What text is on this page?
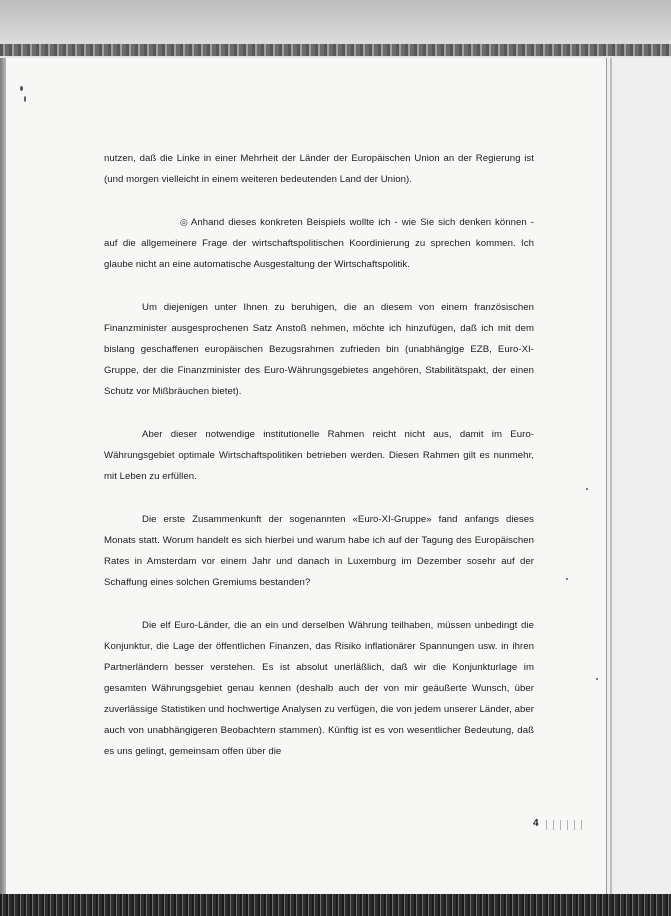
nutzen, daß die Linke in einer Mehrheit der Länder der Europäischen Union an der Regierung ist (und morgen vielleicht in einem weiteren bedeutenden Land der Union).

◎ Anhand dieses konkreten Beispiels wollte ich - wie Sie sich denken können - auf die allgemeinere Frage der wirtschaftspolitischen Koordinierung zu sprechen kommen. Ich glaube nicht an eine automatische Ausgestaltung der Wirtschaftspolitik.

Um diejenigen unter Ihnen zu beruhigen, die an diesem von einem französischen Finanzminister ausgesprochenen Satz Anstoß nehmen, möchte ich hinzufügen, daß ich mit dem bislang geschaffenen europäischen Bezugsrahmen zufrieden bin (unabhängige EZB, Euro-XI-Gruppe, der die Finanzminister des Euro-Währungsgebietes angehören, Stabilitätspakt, der einen Schutz vor Mißbräuchen bietet).

Aber dieser notwendige institutionelle Rahmen reicht nicht aus, damit im Euro-Währungsgebiet optimale Wirtschaftspolitiken betrieben werden. Diesen Rahmen gilt es nunmehr, mit Leben zu erfüllen.

Die erste Zusammenkunft der sogenannten «Euro-XI-Gruppe» fand anfangs dieses Monats statt. Worum handelt es sich hierbei und warum habe ich auf der Tagung des Europäischen Rates in Amsterdam vor einem Jahr und danach in Luxemburg im Dezember sosehr auf der Schaffung eines solchen Gremiums bestanden?

Die elf Euro-Länder, die an ein und derselben Währung teilhaben, müssen unbedingt die Konjunktur, die Lage der öffentlichen Finanzen, das Risiko inflationärer Spannungen usw. in ihren Partnerländern besser verstehen. Es ist absolut unerläßlich, daß wir die Konjunkturlage im gesamten Währungsgebiet genau kennen (deshalb auch der von mir geäußerte Wunsch, über zuverlässige Statistiken und hochwertige Analysen zu verfügen, die von jedem unserer Länder, aber auch von unabhängigeren Beobachtern stammen). Künftig ist es von wesentlicher Bedeutung, daß es uns gelingt, gemeinsam offen über die

4
